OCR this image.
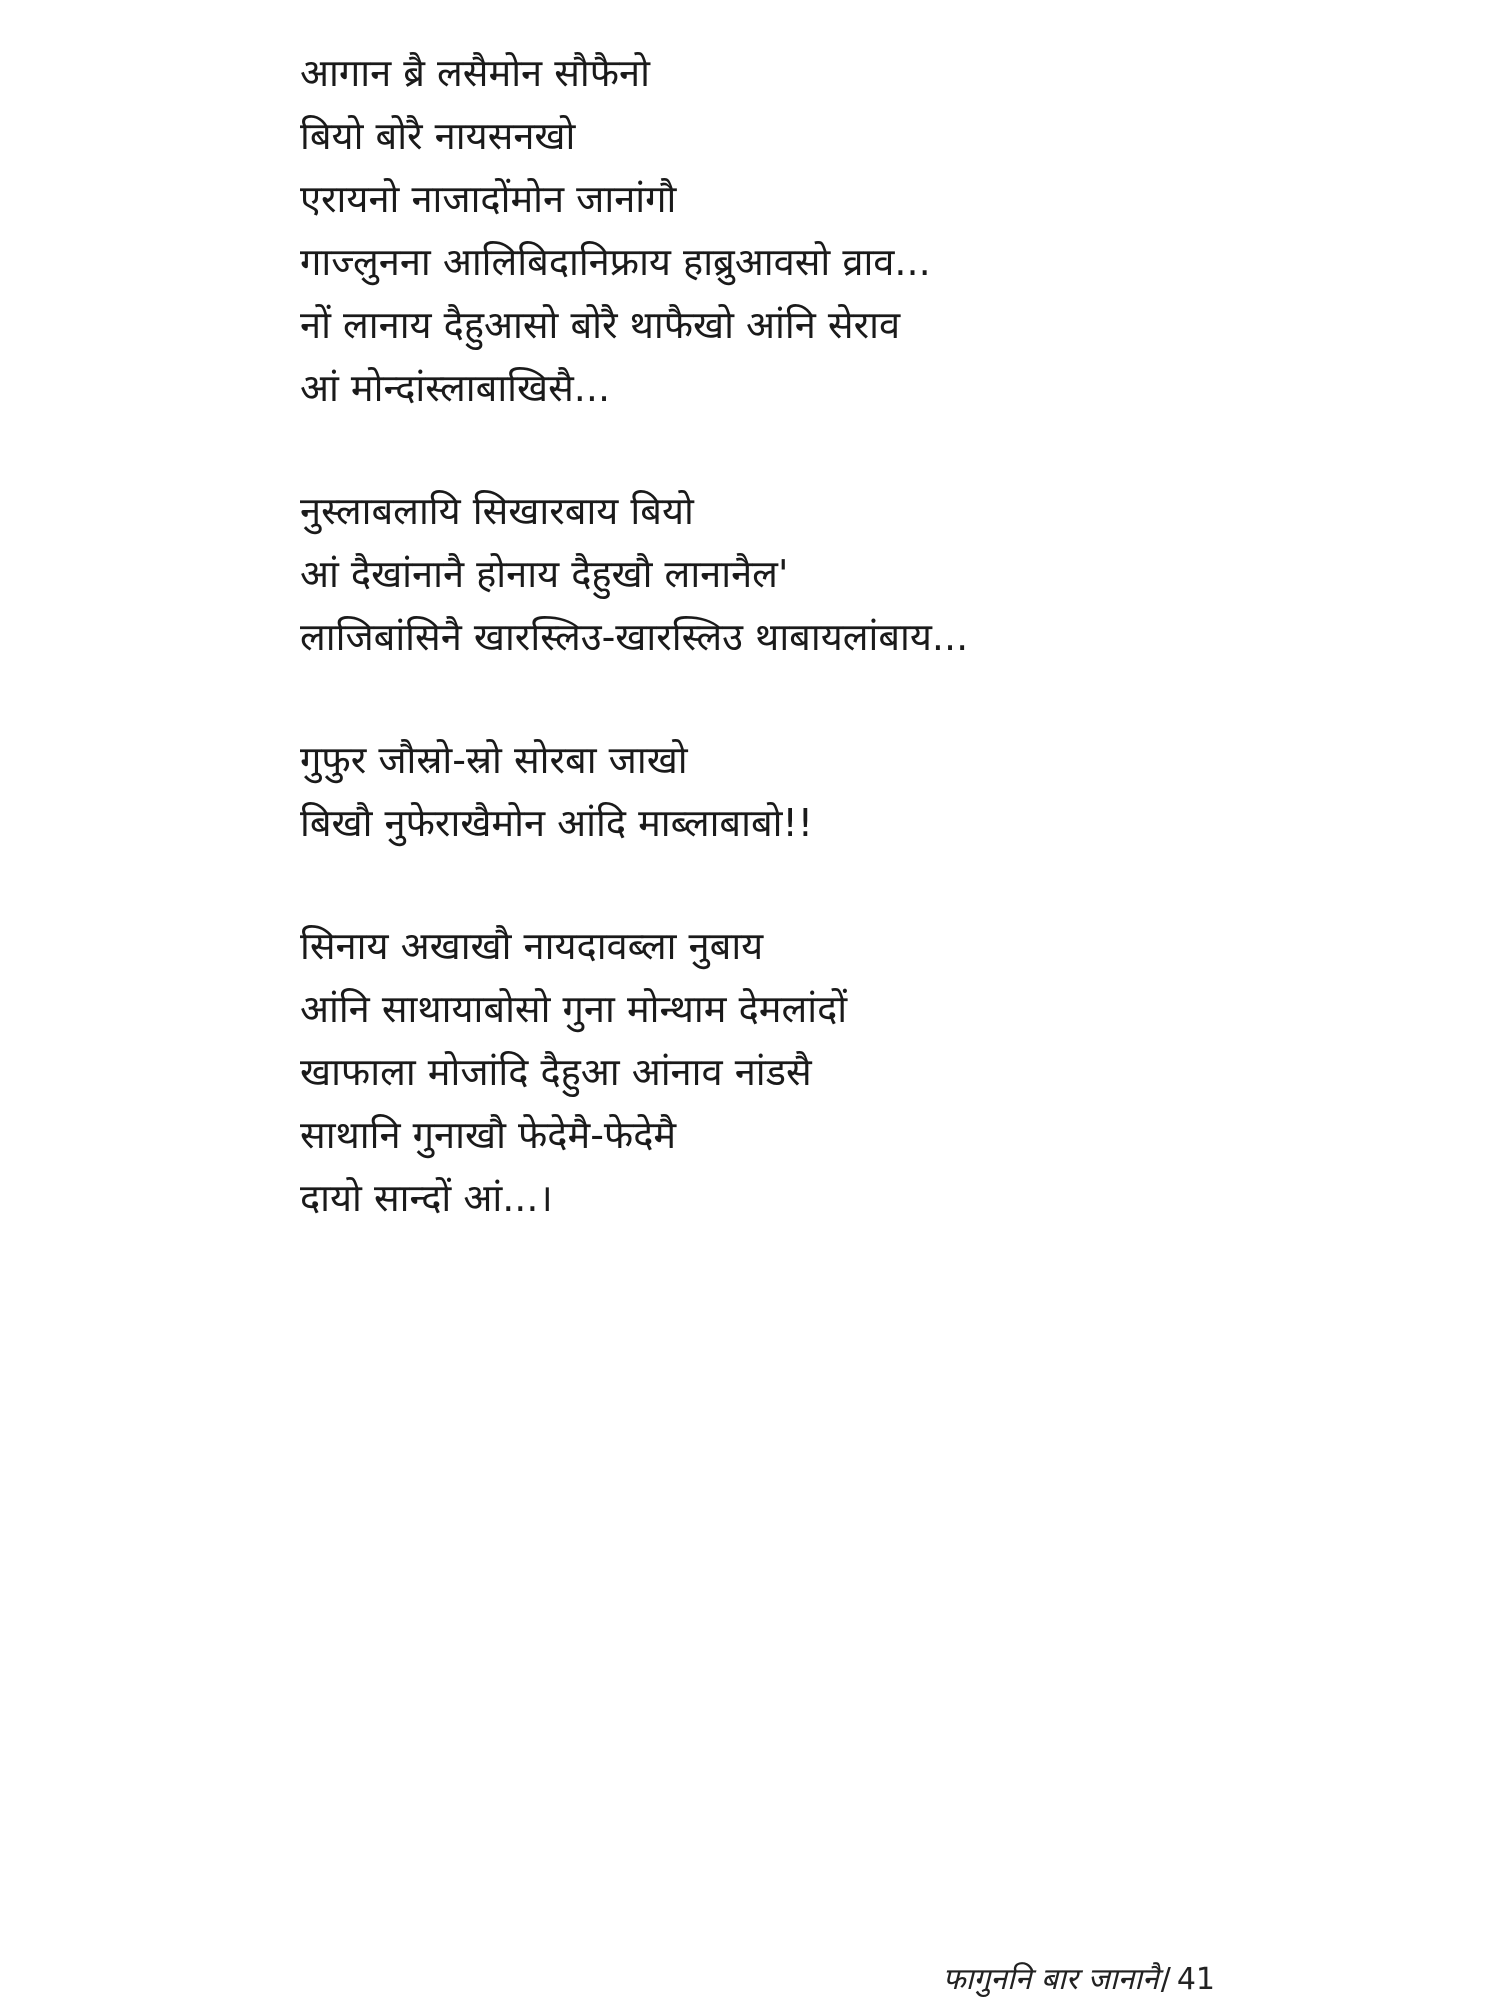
आगान ब्रै लसैमोन सौफैनो
बियो बोरै नायसनखो
एरायनो नाजादोंमोन जानांगौ
गाज्लुनना आलिबिदानिफ्राय हाब्रुआवसो व्राव...
नों लानाय दैहुआसो बोरै थाफैखो आंनि सेराव
आं मोन्दांस्लाबाखिसै...
नुस्लाबलायि सिखारबाय बियो
आं दैखांनानै होनाय दैहुखौ लानानैल'
लाजिबांसिनै खारस्लिउ-खारस्लिउ थाबायलांबाय...
गुफुर जौस्रो-स्रो सोरबा जाखो
बिखौ नुफेराखैमोन आंदि माब्लाबाबो!!
सिनाय अखाखौ नायदावब्ला नुबाय
आंनि साथायाबोसो गुना मोन्थाम देमलांदों
खाफाला मोजांदि दैहुआ आंनाव नांडसै
साथानि गुनाखौ फेदेमै-फेदेमै
दायो सान्दों आं...।
फागुननि बार जानानै/ 41
